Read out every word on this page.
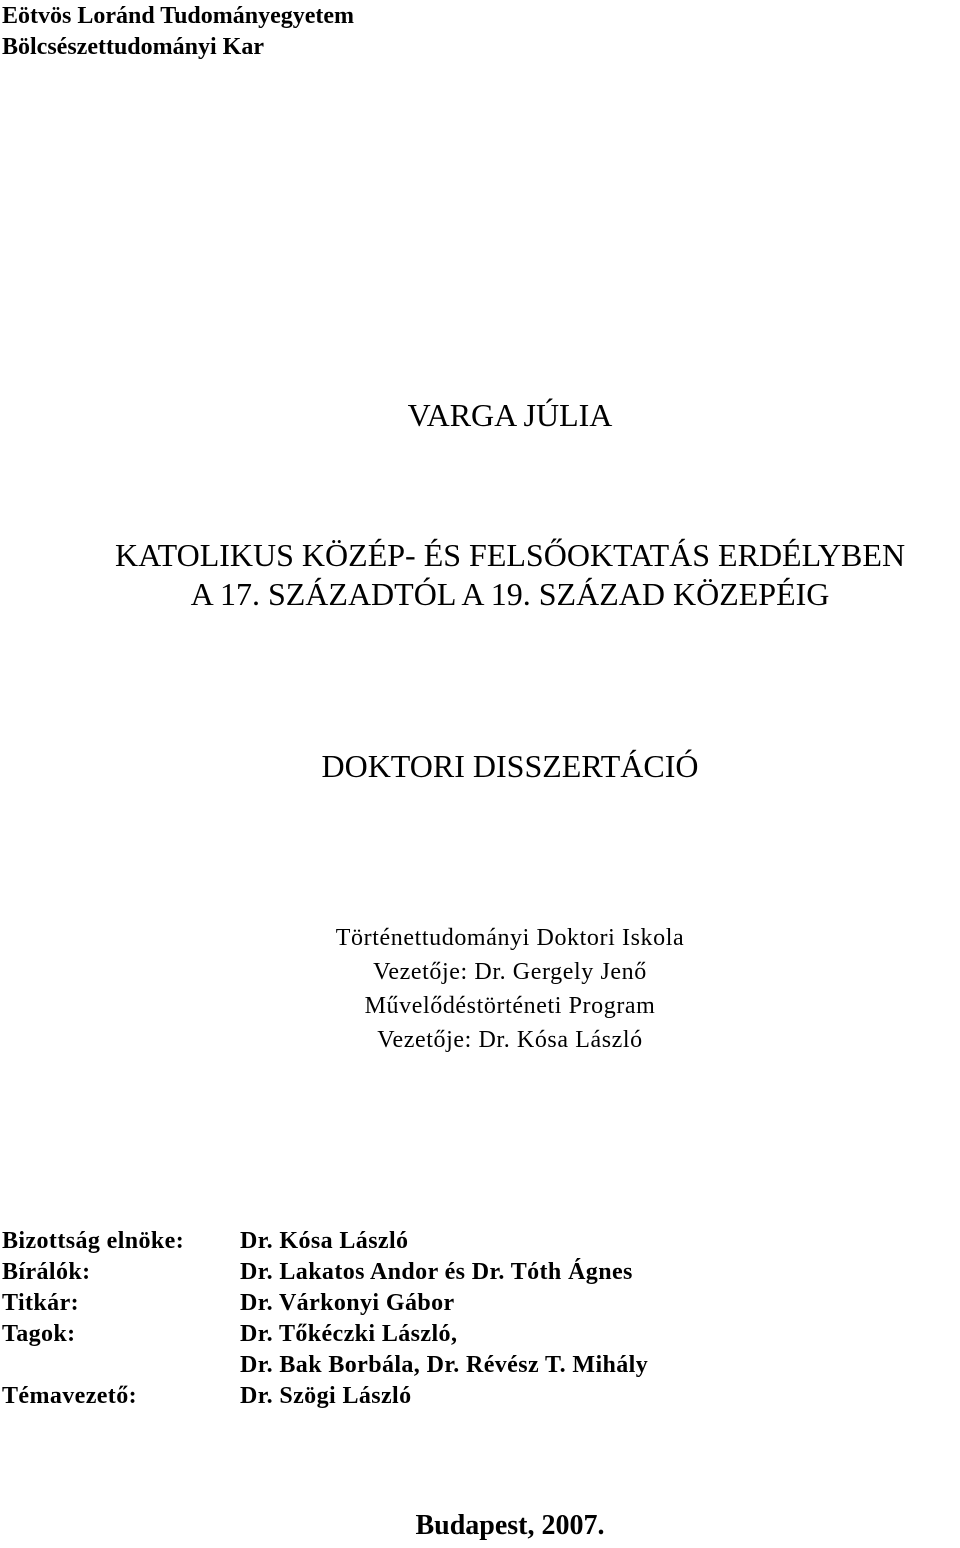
Eötvös Loránd Tudományegyetem
Bölcsészettudományi Kar
VARGA JÚLIA
KATOLIKUS KÖZÉP- ÉS FELSŐOKTATÁS ERDÉLYBEN
A 17. SZÁZADTÓL A 19. SZÁZAD KÖZEPÉIG
DOKTORI DISSZERTÁCIÓ
Történettudományi Doktori Iskola
Vezetője: Dr. Gergely Jenő
Művelődéstörténeti Program
Vezetője: Dr. Kósa László
Bizottság elnöke: Dr. Kósa László
Bírálók:	Dr. Lakatos Andor és Dr. Tóth Ágnes
Titkár:	Dr. Várkonyi Gábor
Tagok:	Dr. Tőkéczki László,
Dr. Bak Borbála, Dr. Révész T. Mihály
Témavezető:	Dr. Szögi László
Budapest, 2007.
